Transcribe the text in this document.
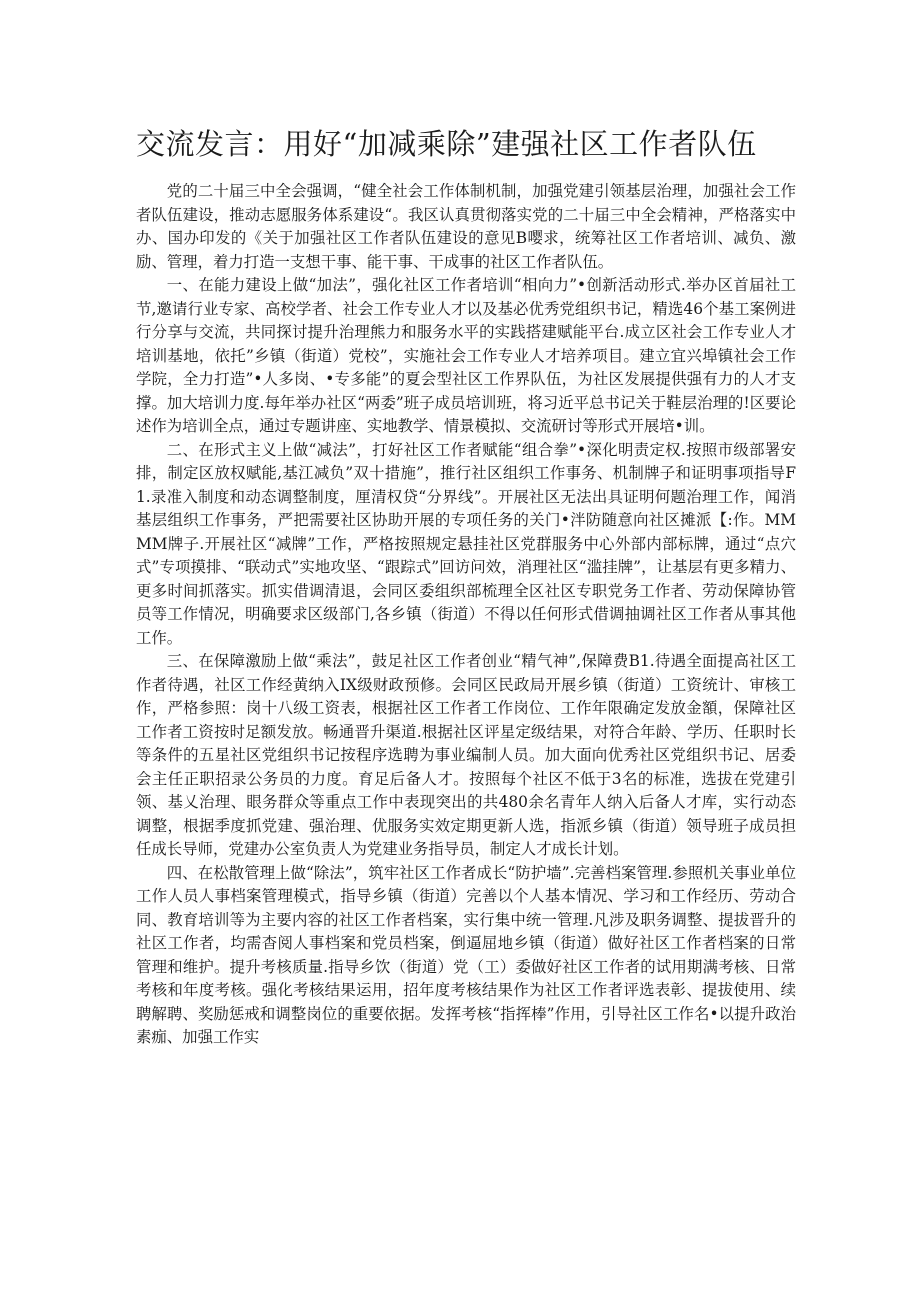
交流发言：用好“加减乘除”建强社区工作者队伍

党的二十届三中全会强调，“健全社会工作体制机制，加强党建引领基层治理，加强社会工作者队伍建设，推动志愿服务体系建设“。我区认真贯彻落实党的二十届三中全会精神，严格落实中办、国办印发的《关于加强社区工作者队伍建设的意见B嘤求，统筹社区工作者培训、减负、激励、管理，着力打造一支想干事、能干事、干成事的社区工作者队伍。

一、在能力建设上做“加法”，强化社区工作者培训“相向力”•创新活动形式.举办区首届社工节,邀请行业专家、高校学者、社会工作专业人才以及基必优秀党组织书记，精选46个基工案例进行分享与交流，共同探讨提升治理熊力和服务水平的实践搭建赋能平台.成立区社会工作专业人才培训基地，依托”乡镇（街道）党校”，实施社会工作专业人才培养项目。建立宜兴埠镇社会工作学院，全力打造”•人多岗、•专多能”的夏会型社区工作界队伍，为社区发展提供强有力的人才支撑。加大培训力度.每年举办社区“两委”班子成员培训班，将习近平总书记关于鞋层治理的!区要论述作为培训全点，通过专题讲座、实地教学、情景模拟、交流研讨等形式开展培•训。

二、在形式主义上做“减法”，打好社区工作者赋能“组合拳”•深化明责定权.按照市级部署安排，制定区放权赋能,基江减负”双十措施”，推行社区组织工作事务、机制牌子和证明事项指导F1.录准入制度和动态调整制度，厘清权贷“分界线”。开展社区无法出具证明何题治理工作，闻消基层组织工作事务，严把需要社区协助开展的专项任务的关门•泮防随意向社区摊派【:作。MMMM牌子.开展社区“减牌”工作，严格按照规定悬挂社区党群服务中心外部内部标牌，通过“点穴式”专项摸排、“联动式”实地攻坚、“跟踪式”回访问效，消理社区“滥挂牌”，让基层有更多精力、更多时间抓落实。抓实借调清退，会同区委组织部梳理全区社区专职党务工作者、劳动保障协管员等工作情况，明确要求区级部门,各乡镇（街道）不得以任何形式借调抽调社区工作者从事其他工作。

三、在保障激励上做“乘法”，鼓足社区工作者创业“精气神”,保障费B1.待遇全面提高社区工作者待遇，社区工作经黄纳入IX级财政预修。会同区民政局开展乡镇（街道）工资统计、审核工作，严格参照：岗十八级工资表，根据社区工作者工作岗位、工作年限确定发放金額，保障社区工作者工资按时足额发放。畅通晋升渠道.根据社区评星定级结果，对符合年龄、学历、任职时长等条件的五星社区党组织书记按程序选聘为事业编制人员。加大面向优秀社区党组织书记、居委会主任正职招录公务员的力度。育足后备人才。按照每个社区不低于3名的标准，选拔在党建引领、基乂治理、眼务群众等重点工作中表现突出的共480余名青年人纳入后备人才库，实行动态调整，根据季度抓党建、强治理、优服务实效定期更新人选，指派乡镇（街道）领导班子成员担任成长导师，党建办公室负责人为党建业务指导员，制定人才成长计划。

四、在松散管理上做“除法”，筑牢社区工作者成长“防护墙”.完善档案管理.参照机关事业单位工作人员人事档案管理模式，指导乡镇（街道）完善以个人基本情况、学习和工作经历、劳动合同、教育培训等为主要内容的社区工作者档案，实行集中统一管理.凡涉及职务调整、提拔晋升的社区工作者，均需杳阅人事档案和党员档案，倒逼屈地乡镇（街道）做好社区工作者档案的日常管理和维护。提升考核质量.指导乡饮（街道）党（工）委做好社区工作者的试用期满考核、日常考核和年度考核。强化考核结果运用，招年度考核结果作为社区工作者评选表彰、提拔使用、续聘解聘、奖励惩戒和调整岗位的重要依据。发挥考核“指挥棒”作用，引导社区工作名•以提升政治素痂、加强工作实
